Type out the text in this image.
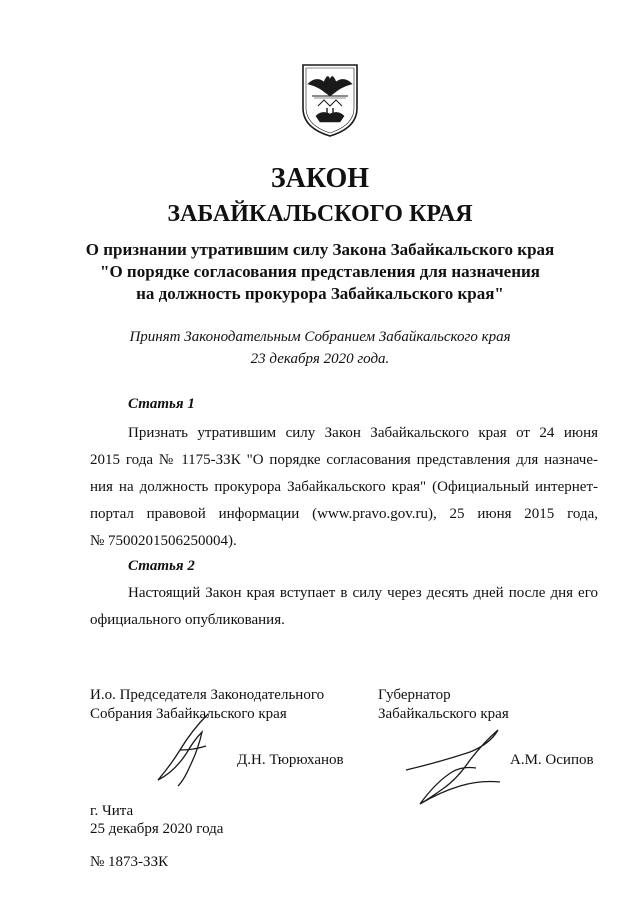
ЗАКОН
ЗАБАЙКАЛЬСКОГО КРАЯ
О признании утратившим силу Закона Забайкальского края
"О порядке согласования представления для назначения
на должность прокурора Забайкальского края"
Принят Законодательным Собранием Забайкальского края
23 декабря 2020 года.
Статья 1
Признать утратившим силу Закон Забайкальского края от 24 июня
2015 года № 1175-ЗЗК "О порядке согласования представления для назначе-
ния на должность прокурора Забайкальского края" (Официальный интернет-
портал правовой информации (www.pravo.gov.ru), 25 июня 2015 года,
№ 7500201506250004).
Статья 2
Настоящий Закон края вступает в силу через десять дней после дня его
официального опубликования.
И.о. Председателя Законодательного
Собрания Забайкальского края
Губернатор
Забайкальского края
Д.Н. Тюрюханов	А.М. Осипов
г. Чита
25 декабря 2020 года
№ 1873-ЗЗК
